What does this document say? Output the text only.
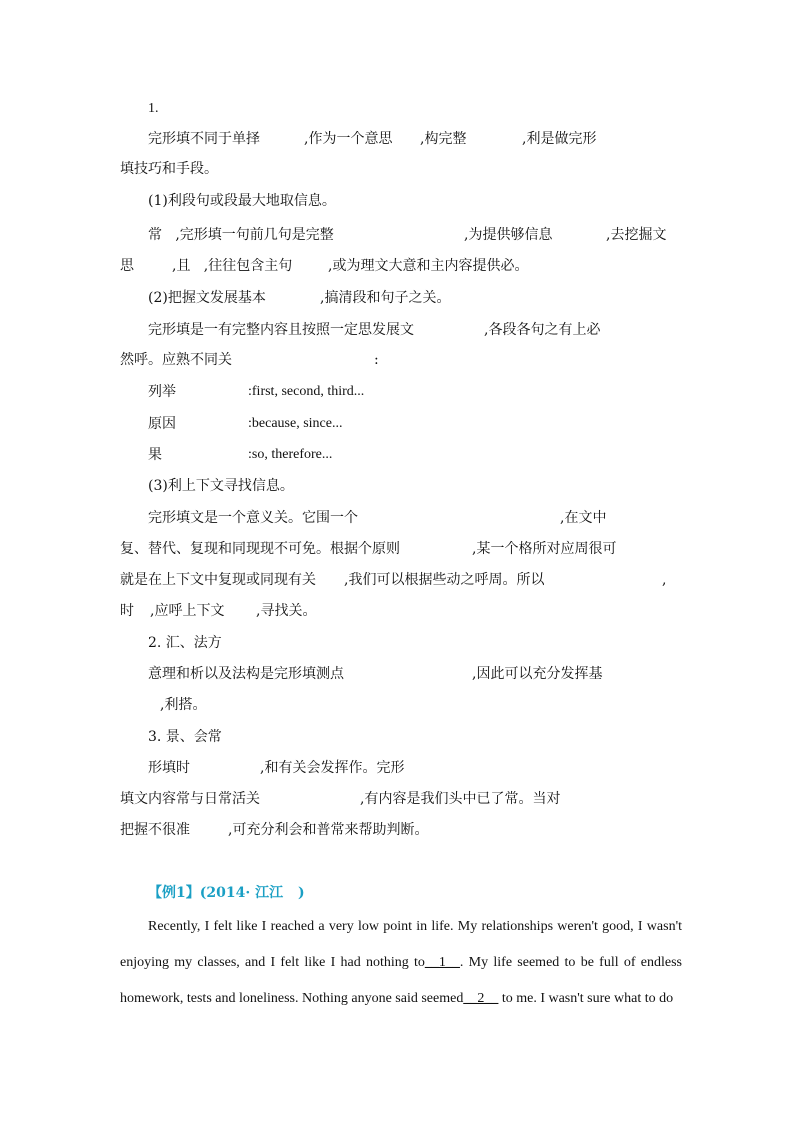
1.
完形填不同于单择	,作为一个意思 ,构完整	,利是做完形
填技巧和手段。
(1)利段句或段最大地取信息。
常   ,完形填一句前几句是完整	,为提供够信息	,去挖掘文
思	,且   ,往往包含主句	,或为理文大意和主内容提供必。
(2)把握文发展基本	,搞清段和句子之关。
完形填是一有完整内容且按照一定思发展文	,各段各句之有上必
然呼。应熟不同关	:
列举	:first, second, third...
原因	:because, since...
果	:so, therefore...
(3)利上下文寻找信息。
完形填文是一个意义关。它围一个	,在文中
复、替代、复现和同现现不可免。根据个原则	,某一个格所对应周很可
就是在上下文中复现或同现有关 ,我们可以根据些动之呼周。所以	,
时 ,应呼上下文 ,寻找关。
2. 汇、法方
意理和析以及法构是完形填测点	,因此可以充分发挥基
,利搭。
3. 景、会常
形填时	,和有关会发挥作。完形
填文内容常与日常活关	,有内容是我们头中已了常。当对
把握不很准	,可充分利会和普常来帮助判断。
【例1】(2014· 江江 )
Recently, I felt like I reached a very low point in life. My relationships weren't good, I wasn't enjoying my classes, and I felt like I had nothing to__1__. My life seemed to be full of endless homework, tests and loneliness. Nothing anyone said seemed__2__ to me. I wasn't sure what to do
